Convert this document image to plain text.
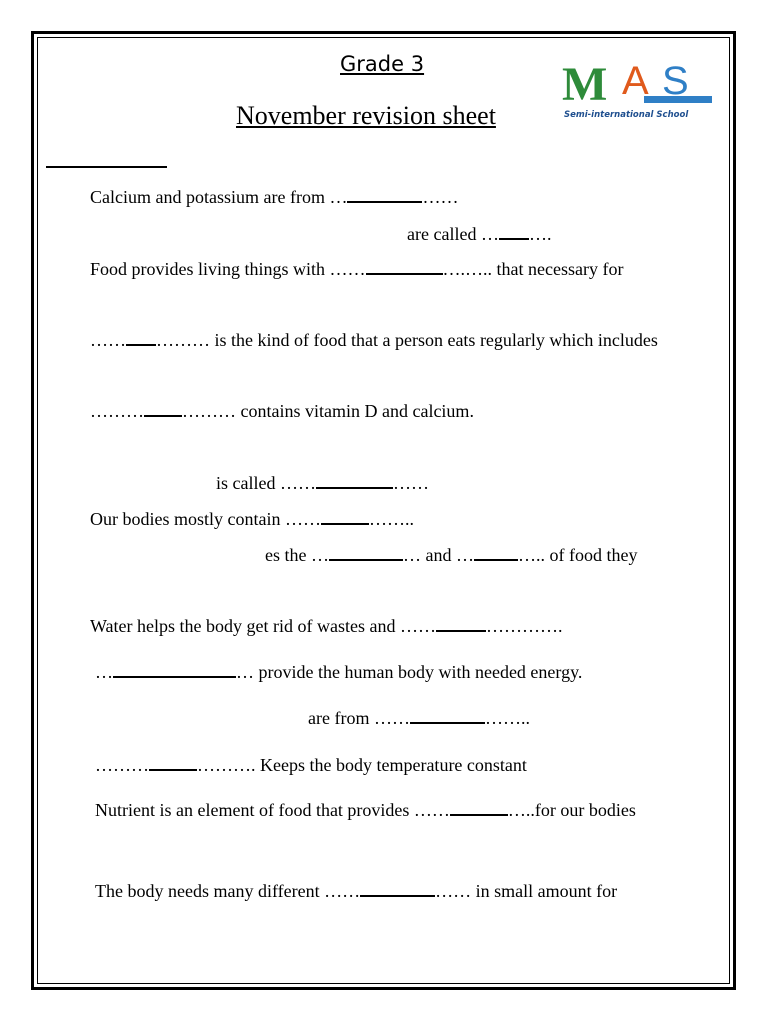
Grade 3
November revision sheet
M A S
Semi-international School
Calcium and potassium are from …	……
are called … ….
Food provides living things with ……	….….. that necessary for
…… ……… is the kind of food that a person eats regularly which includes
……… ……… contains vitamin D and calcium.
is called ……	……
Our bodies mostly contain ……	……..
es the …	… and … ….. of food they
Water helps the body get rid of wastes and ……	………….
…	… provide the human body with needed energy.
are from ……	……..
………	………. Keeps the body temperature constant
Nutrient is an element of food that provides ……	…..for our bodies
The body needs many different ……	…… in small amount for
